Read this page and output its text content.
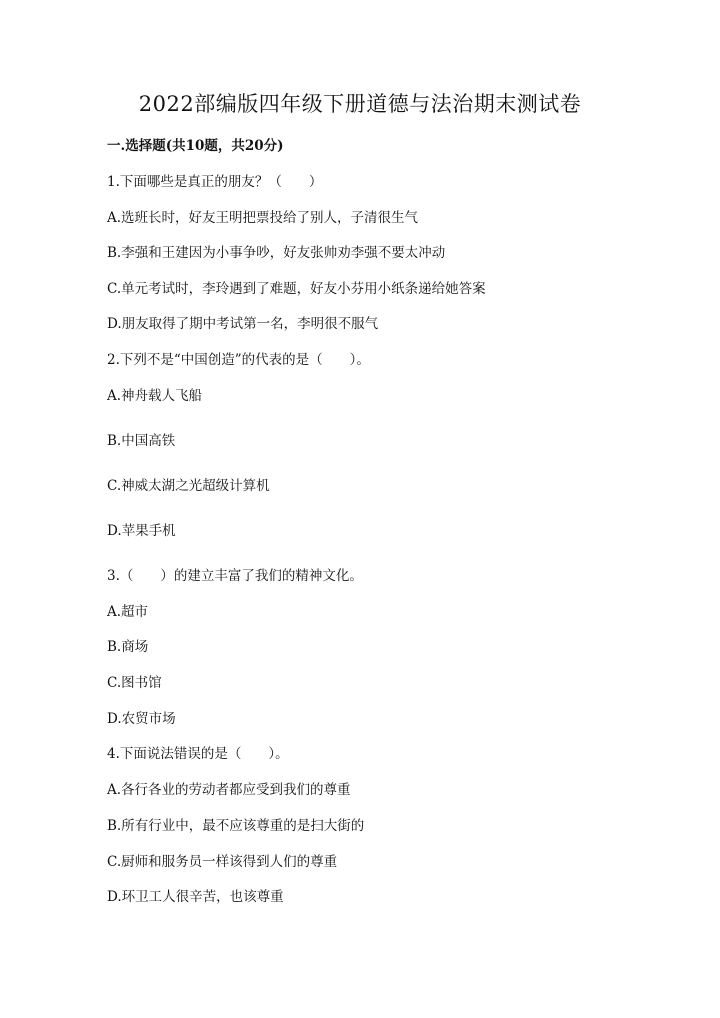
2022部编版四年级下册道德与法治期末测试卷

一.选择题(共10题，共20分)

1.下面哪些是真正的朋友？（　　）

A.选班长时，好友王明把票投给了别人，子清很生气

B.李强和王建因为小事争吵，好友张帅劝李强不要太冲动

C.单元考试时，李玲遇到了难题，好友小芬用小纸条递给她答案

D.朋友取得了期中考试第一名，李明很不服气

2.下列不是“中国创造”的代表的是（　　）。

A.神舟载人飞船

B.中国高铁

C.神威太湖之光超级计算机

D.苹果手机

3.（　　）的建立丰富了我们的精神文化。

A.超市

B.商场

C.图书馆

D.农贸市场

4.下面说法错误的是（　　）。

A.各行各业的劳动者都应受到我们的尊重

B.所有行业中，最不应该尊重的是扫大街的

C.厨师和服务员一样该得到人们的尊重

D.环卫工人很辛苦，也该尊重
